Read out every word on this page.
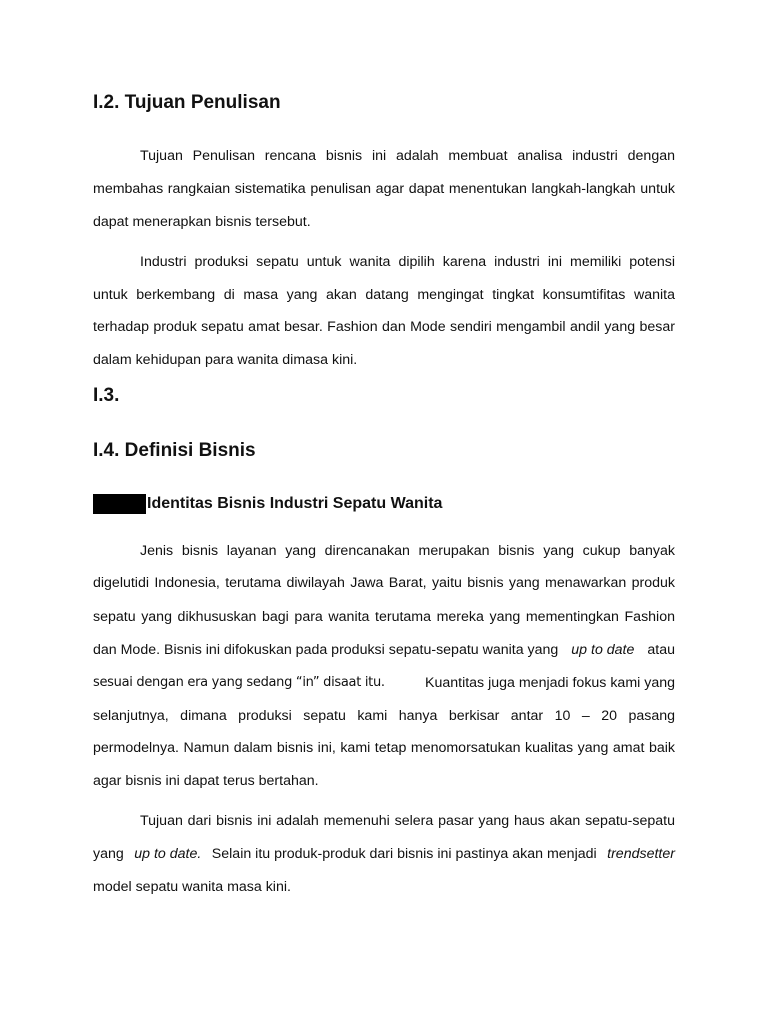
I.2. Tujuan Penulisan
Tujuan Penulisan rencana bisnis ini adalah membuat analisa industri dengan
membahas rangkaian sistematika penulisan agar dapat menentukan langkah-langkah untuk
dapat menerapkan bisnis tersebut.
Industri produksi sepatu untuk wanita dipilih karena industri ini memiliki potensi
untuk berkembang di masa yang akan datang mengingat tingkat konsumtifitas wanita
terhadap produk sepatu amat besar. Fashion dan Mode sendiri mengambil andil yang besar
dalam kehidupan para wanita dimasa kini.
I.3.
I.4. Definisi Bisnis
Identitas Bisnis Industri Sepatu Wanita
Jenis bisnis layanan yang direncanakan merupakan bisnis yang cukup banyak
digelutidi Indonesia, terutama diwilayah Jawa Barat, yaitu bisnis yang menawarkan produk
sepatu yang dikhususkan bagi para wanita terutama mereka yang mementingkan Fashion
dan Mode. Bisnis ini difokuskan pada produksi sepatu-sepatu wanita yang up to date atau
sesuai dengan era yang sedang “in” disaat itu.	Kuantitas juga menjadi fokus kami yang
selanjutnya, dimana produksi sepatu kami hanya berkisar antar 10 – 20 pasang
permodelnya. Namun dalam bisnis ini, kami tetap menomorsatukan kualitas yang amat baik
agar bisnis ini dapat terus bertahan.
Tujuan dari bisnis ini adalah memenuhi selera pasar yang haus akan sepatu-sepatu
yang up to date. Selain itu produk-produk dari bisnis ini pastinya akan menjadi trendsetter
model sepatu wanita masa kini.
